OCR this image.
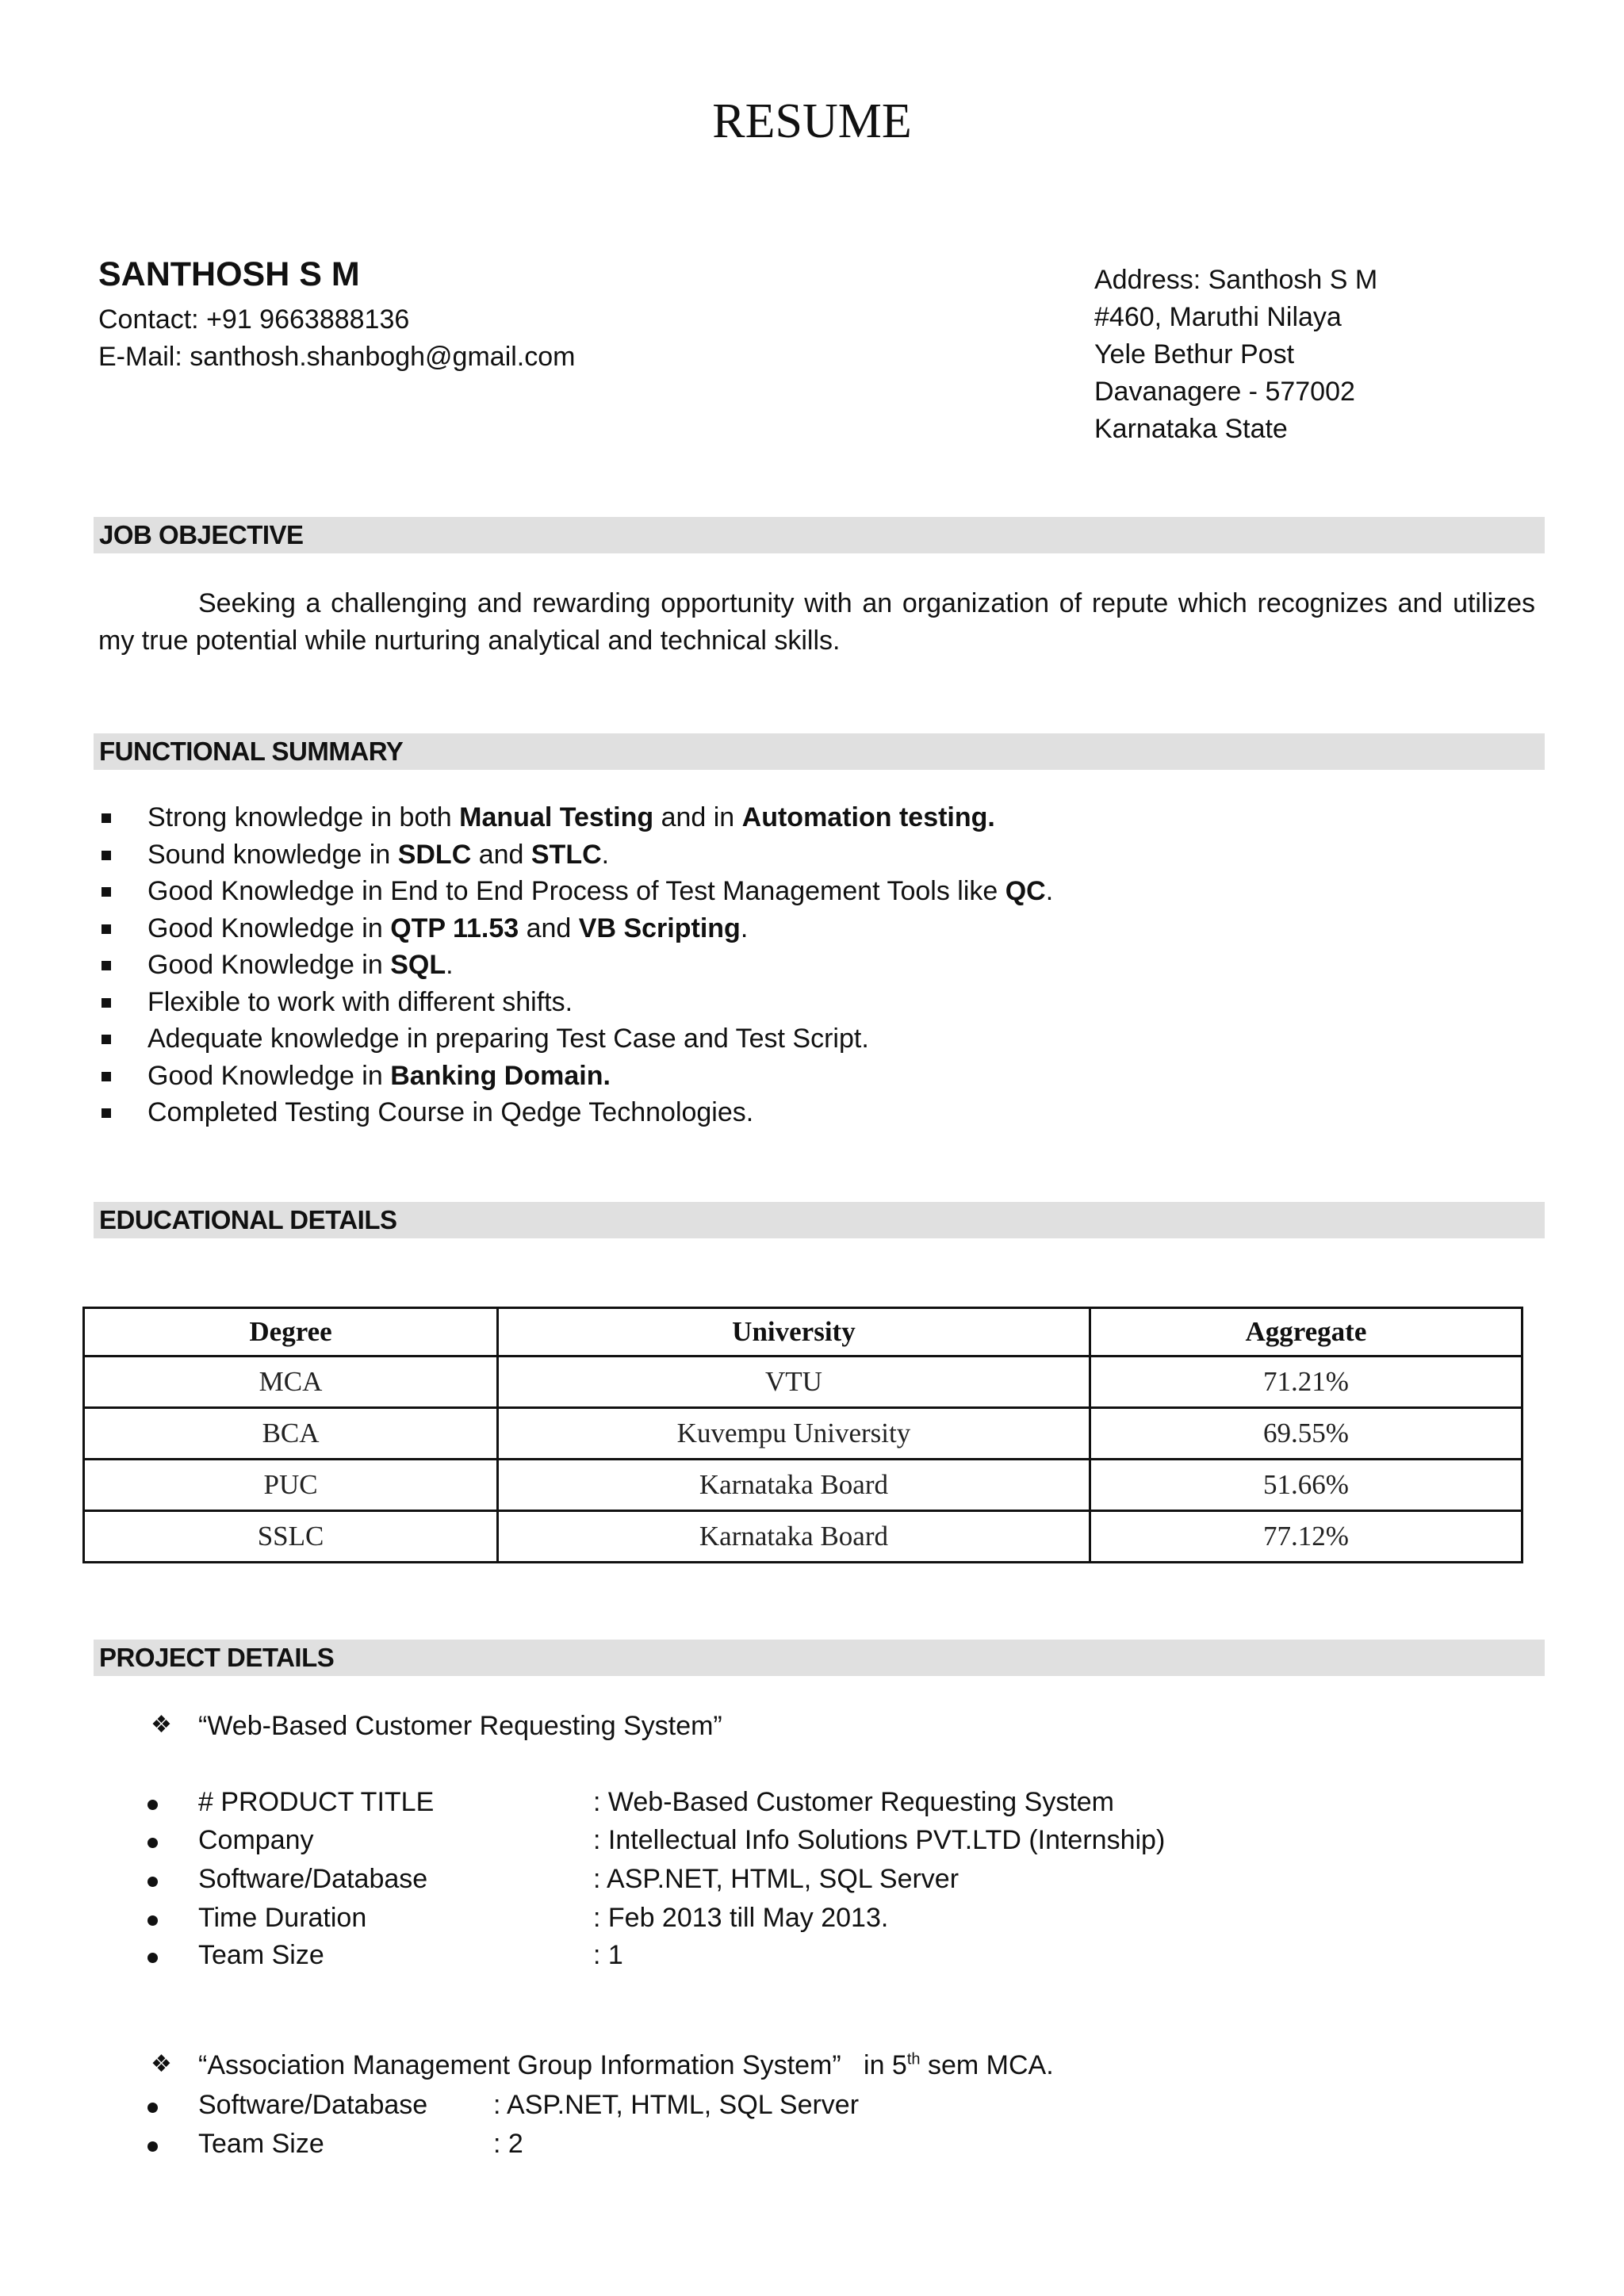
RESUME
SANTHOSH S M
Contact: +91 9663888136
E-Mail: santhosh.shanbogh@gmail.com
Address: Santhosh S M
#460, Maruthi Nilaya
Yele Bethur Post
Davanagere - 577002
Karnataka State
JOB OBJECTIVE
Seeking a challenging and rewarding opportunity with an organization of repute which recognizes and utilizes my true potential while nurturing analytical and technical skills.
FUNCTIONAL SUMMARY
Strong knowledge in both Manual Testing and in Automation testing.
Sound knowledge in SDLC and STLC.
Good Knowledge in End to End Process of Test Management Tools like QC.
Good Knowledge in QTP 11.53 and VB Scripting.
Good Knowledge in SQL.
Flexible to work with different shifts.
Adequate knowledge in preparing Test Case and Test Script.
Good Knowledge in Banking Domain.
Completed Testing Course in Qedge Technologies.
EDUCATIONAL DETAILS
Degree	University	Aggregate
MCA	VTU	71.21%
BCA	Kuvempu University	69.55%
PUC	Karnataka Board	51.66%
SSLC	Karnataka Board	77.12%
PROJECT DETAILS
❖ “Web-Based Customer Requesting System”
# PRODUCT TITLE	: Web-Based Customer Requesting System
Company	: Intellectual Info Solutions PVT.LTD (Internship)
Software/Database	: ASP.NET, HTML, SQL Server
Time Duration	: Feb 2013 till May 2013.
Team Size	: 1
❖ “Association Management Group Information System”   in 5th sem MCA.
Software/Database : ASP.NET, HTML, SQL Server
Team Size	: 2
